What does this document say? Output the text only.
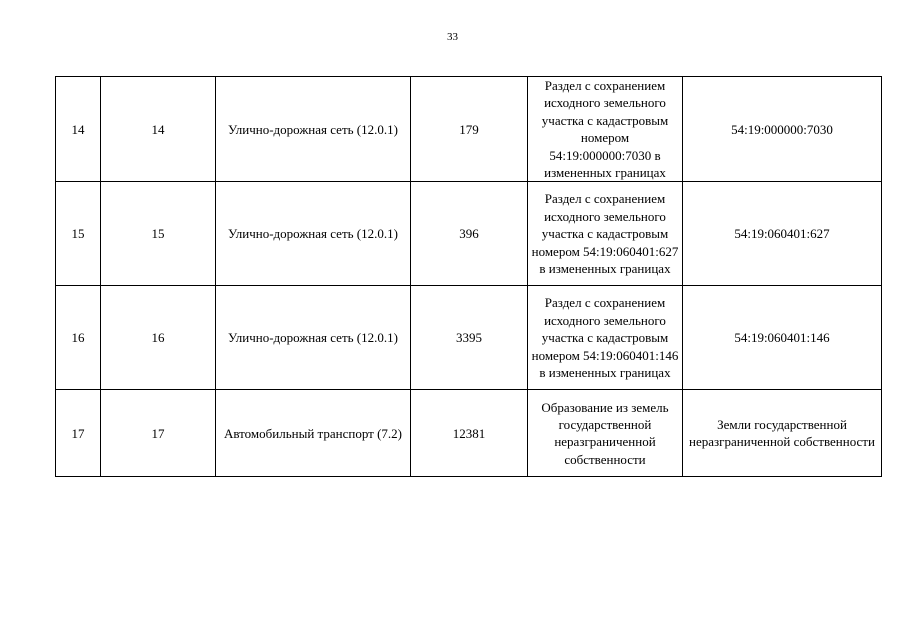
33
14	14	Улично-дорожная сеть (12.0.1)	179	Раздел с сохранением исходного земельного участка с кадастровым номером 54:19:000000:7030 в измененных границах	54:19:000000:7030
15	15	Улично-дорожная сеть (12.0.1)	396	Раздел с сохранением исходного земельного участка с кадастровым номером 54:19:060401:627 в измененных границах	54:19:060401:627
16	16	Улично-дорожная сеть (12.0.1)	3395	Раздел с сохранением исходного земельного участка с кадастровым номером 54:19:060401:146 в измененных границах	54:19:060401:146
17	17	Автомобильный транспорт (7.2)	12381	Образование из земель государственной неразграниченной собственности	Земли государственной неразграниченной собственности
